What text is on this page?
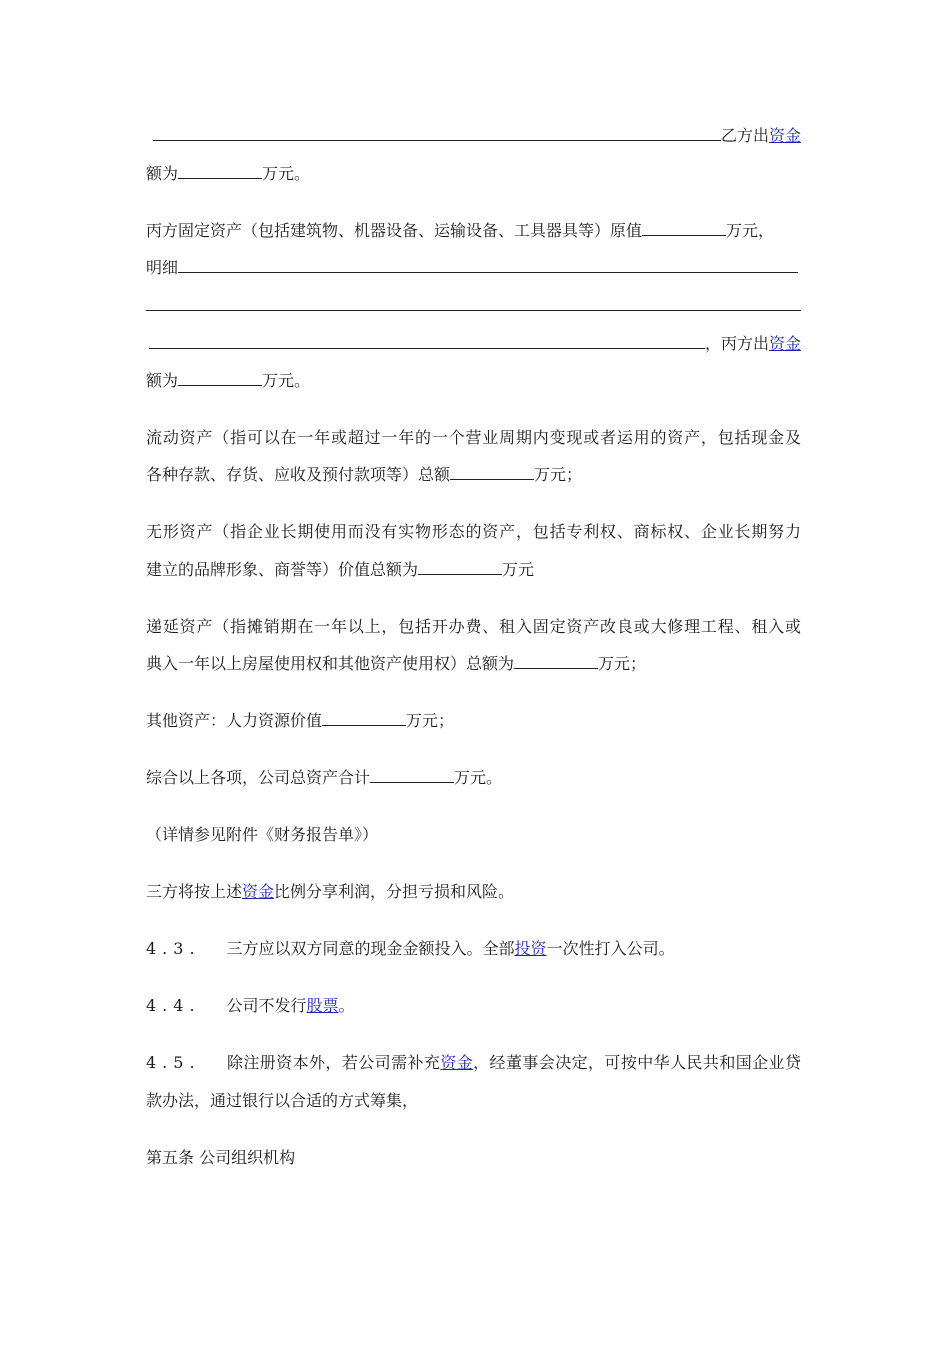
乙方出资金
额为	万元。
丙方固定资产（包括建筑物、机器设备、运输设备、工具器具等）原值	万元，
明细
，丙方出资金
额为	万元。
流动资产（指可以在一年或超过一年的一个营业周期内变现或者运用的资产，包括现金及
各种存款、存货、应收及预付款项等）总额	万元；
无形资产（指企业长期使用而没有实物形态的资产，包括专利权、商标权、企业长期努力
建立的品牌形象、商誉等）价值总额为	万元
递延资产（指摊销期在一年以上，包括开办费、租入固定资产改良或大修理工程、租入或
典入一年以上房屋使用权和其他资产使用权）总额为	万元；
其他资产：人力资源价值	万元；
综合以上各项，公司总资产合计	万元。
（详情参见附件《财务报告单》）
三方将按上述资金比例分享利润，分担亏损和风险。
4.3. 三方应以双方同意的现金金额投入。全部投资一次性打入公司。
4.4. 公司不发行股票。
4.5. 除注册资本外，若公司需补充资金，经董事会决定，可按中华人民共和国企业贷
款办法，通过银行以合适的方式筹集，
第五条 公司组织机构
